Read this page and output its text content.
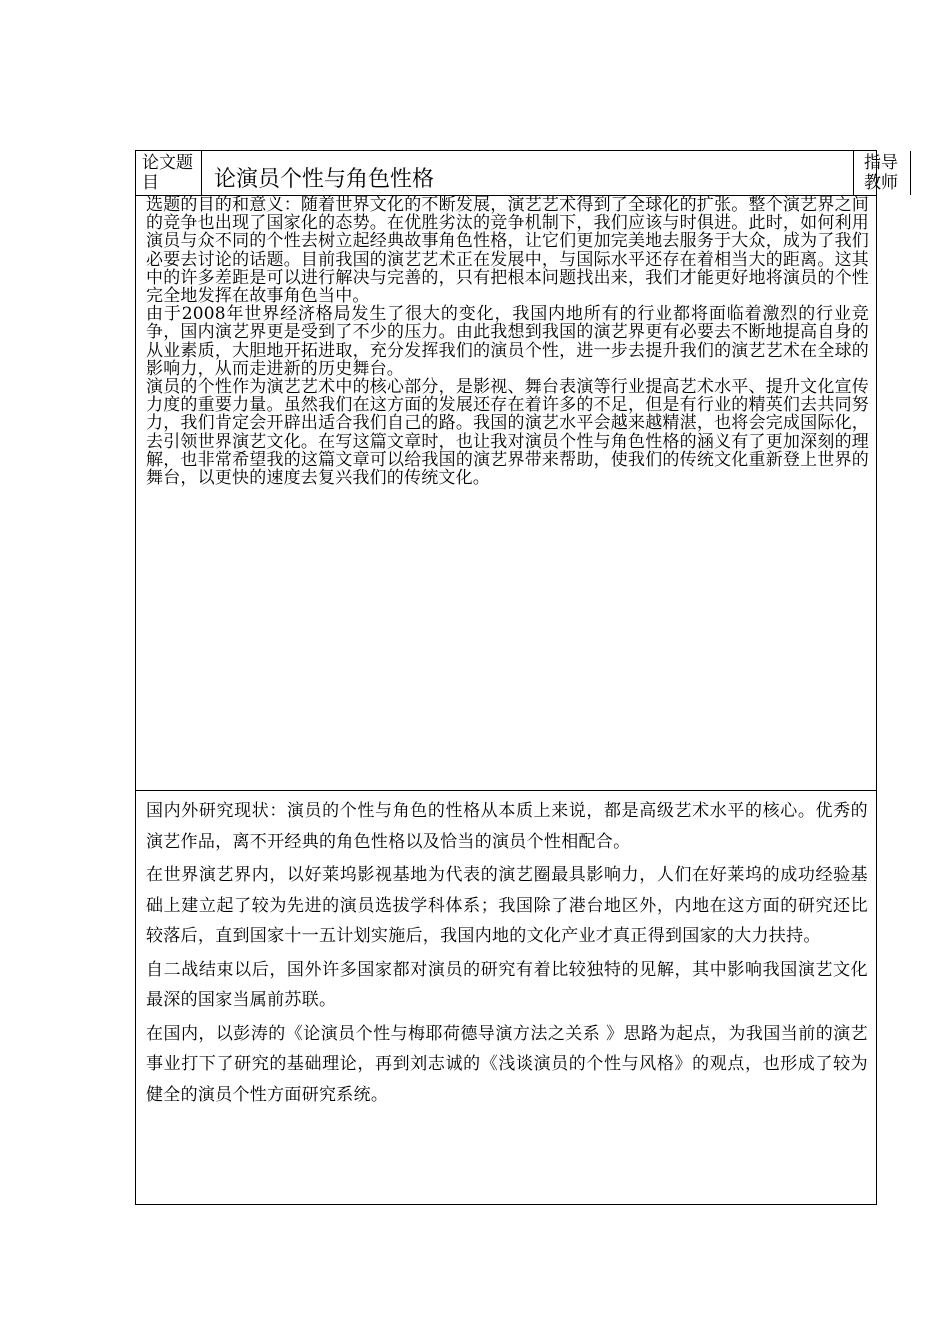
论文题目	论演员个性与角色性格
指导教师

选题的目的和意义：随着世界文化的不断发展，演艺艺术得到了全球化的扩张。整个演艺界之间的竞争也出现了国家化的态势。在优胜劣汰的竞争机制下，我们应该与时俱进。此时，如何利用演员与众不同的个性去树立起经典故事角色性格，让它们更加完美地去服务于大众，成为了我们必要去讨论的话题。目前我国的演艺艺术正在发展中，与国际水平还存在着相当大的距离。这其中的许多差距是可以进行解决与完善的，只有把根本问题找出来，我们才能更好地将演员的个性完全地发挥在故事角色当中。

由于2008年世界经济格局发生了很大的变化，我国内地所有的行业都将面临着激烈的行业竞争，国内演艺界更是受到了不少的压力。由此我想到我国的演艺界更有必要去不断地提高自身的从业素质，大胆地开拓进取，充分发挥我们的演员个性，进一步去提升我们的演艺艺术在全球的影响力，从而走进新的历史舞台。

演员的个性作为演艺艺术中的核心部分，是影视、舞台表演等行业提高艺术水平、提升文化宣传力度的重要力量。虽然我们在这方面的发展还存在着许多的不足，但是有行业的精英们去共同努力，我们肯定会开辟出适合我们自己的路。我国的演艺水平会越来越精湛，也将会完成国际化，去引领世界演艺文化。在写这篇文章时，也让我对演员个性与角色性格的涵义有了更加深刻的理解，也非常希望我的这篇文章可以给我国的演艺界带来帮助，使我们的传统文化重新登上世界的舞台，以更快的速度去复兴我们的传统文化。

国内外研究现状：演员的个性与角色的性格从本质上来说，都是高级艺术水平的核心。优秀的演艺作品，离不开经典的角色性格以及恰当的演员个性相配合。

在世界演艺界内，以好莱坞影视基地为代表的演艺圈最具影响力，人们在好莱坞的成功经验基础上建立起了较为先进的演员选拔学科体系；我国除了港台地区外，内地在这方面的研究还比较落后，直到国家十一五计划实施后，我国内地的文化产业才真正得到国家的大力扶持。

自二战结束以后，国外许多国家都对演员的研究有着比较独特的见解，其中影响我国演艺文化最深的国家当属前苏联。

在国内，以彭涛的《论演员个性与梅耶荷德导演方法之关系 》思路为起点，为我国当前的演艺事业打下了研究的基础理论，再到刘志诚的《浅谈演员的个性与风格》的观点，也形成了较为健全的演员个性方面研究系统。
